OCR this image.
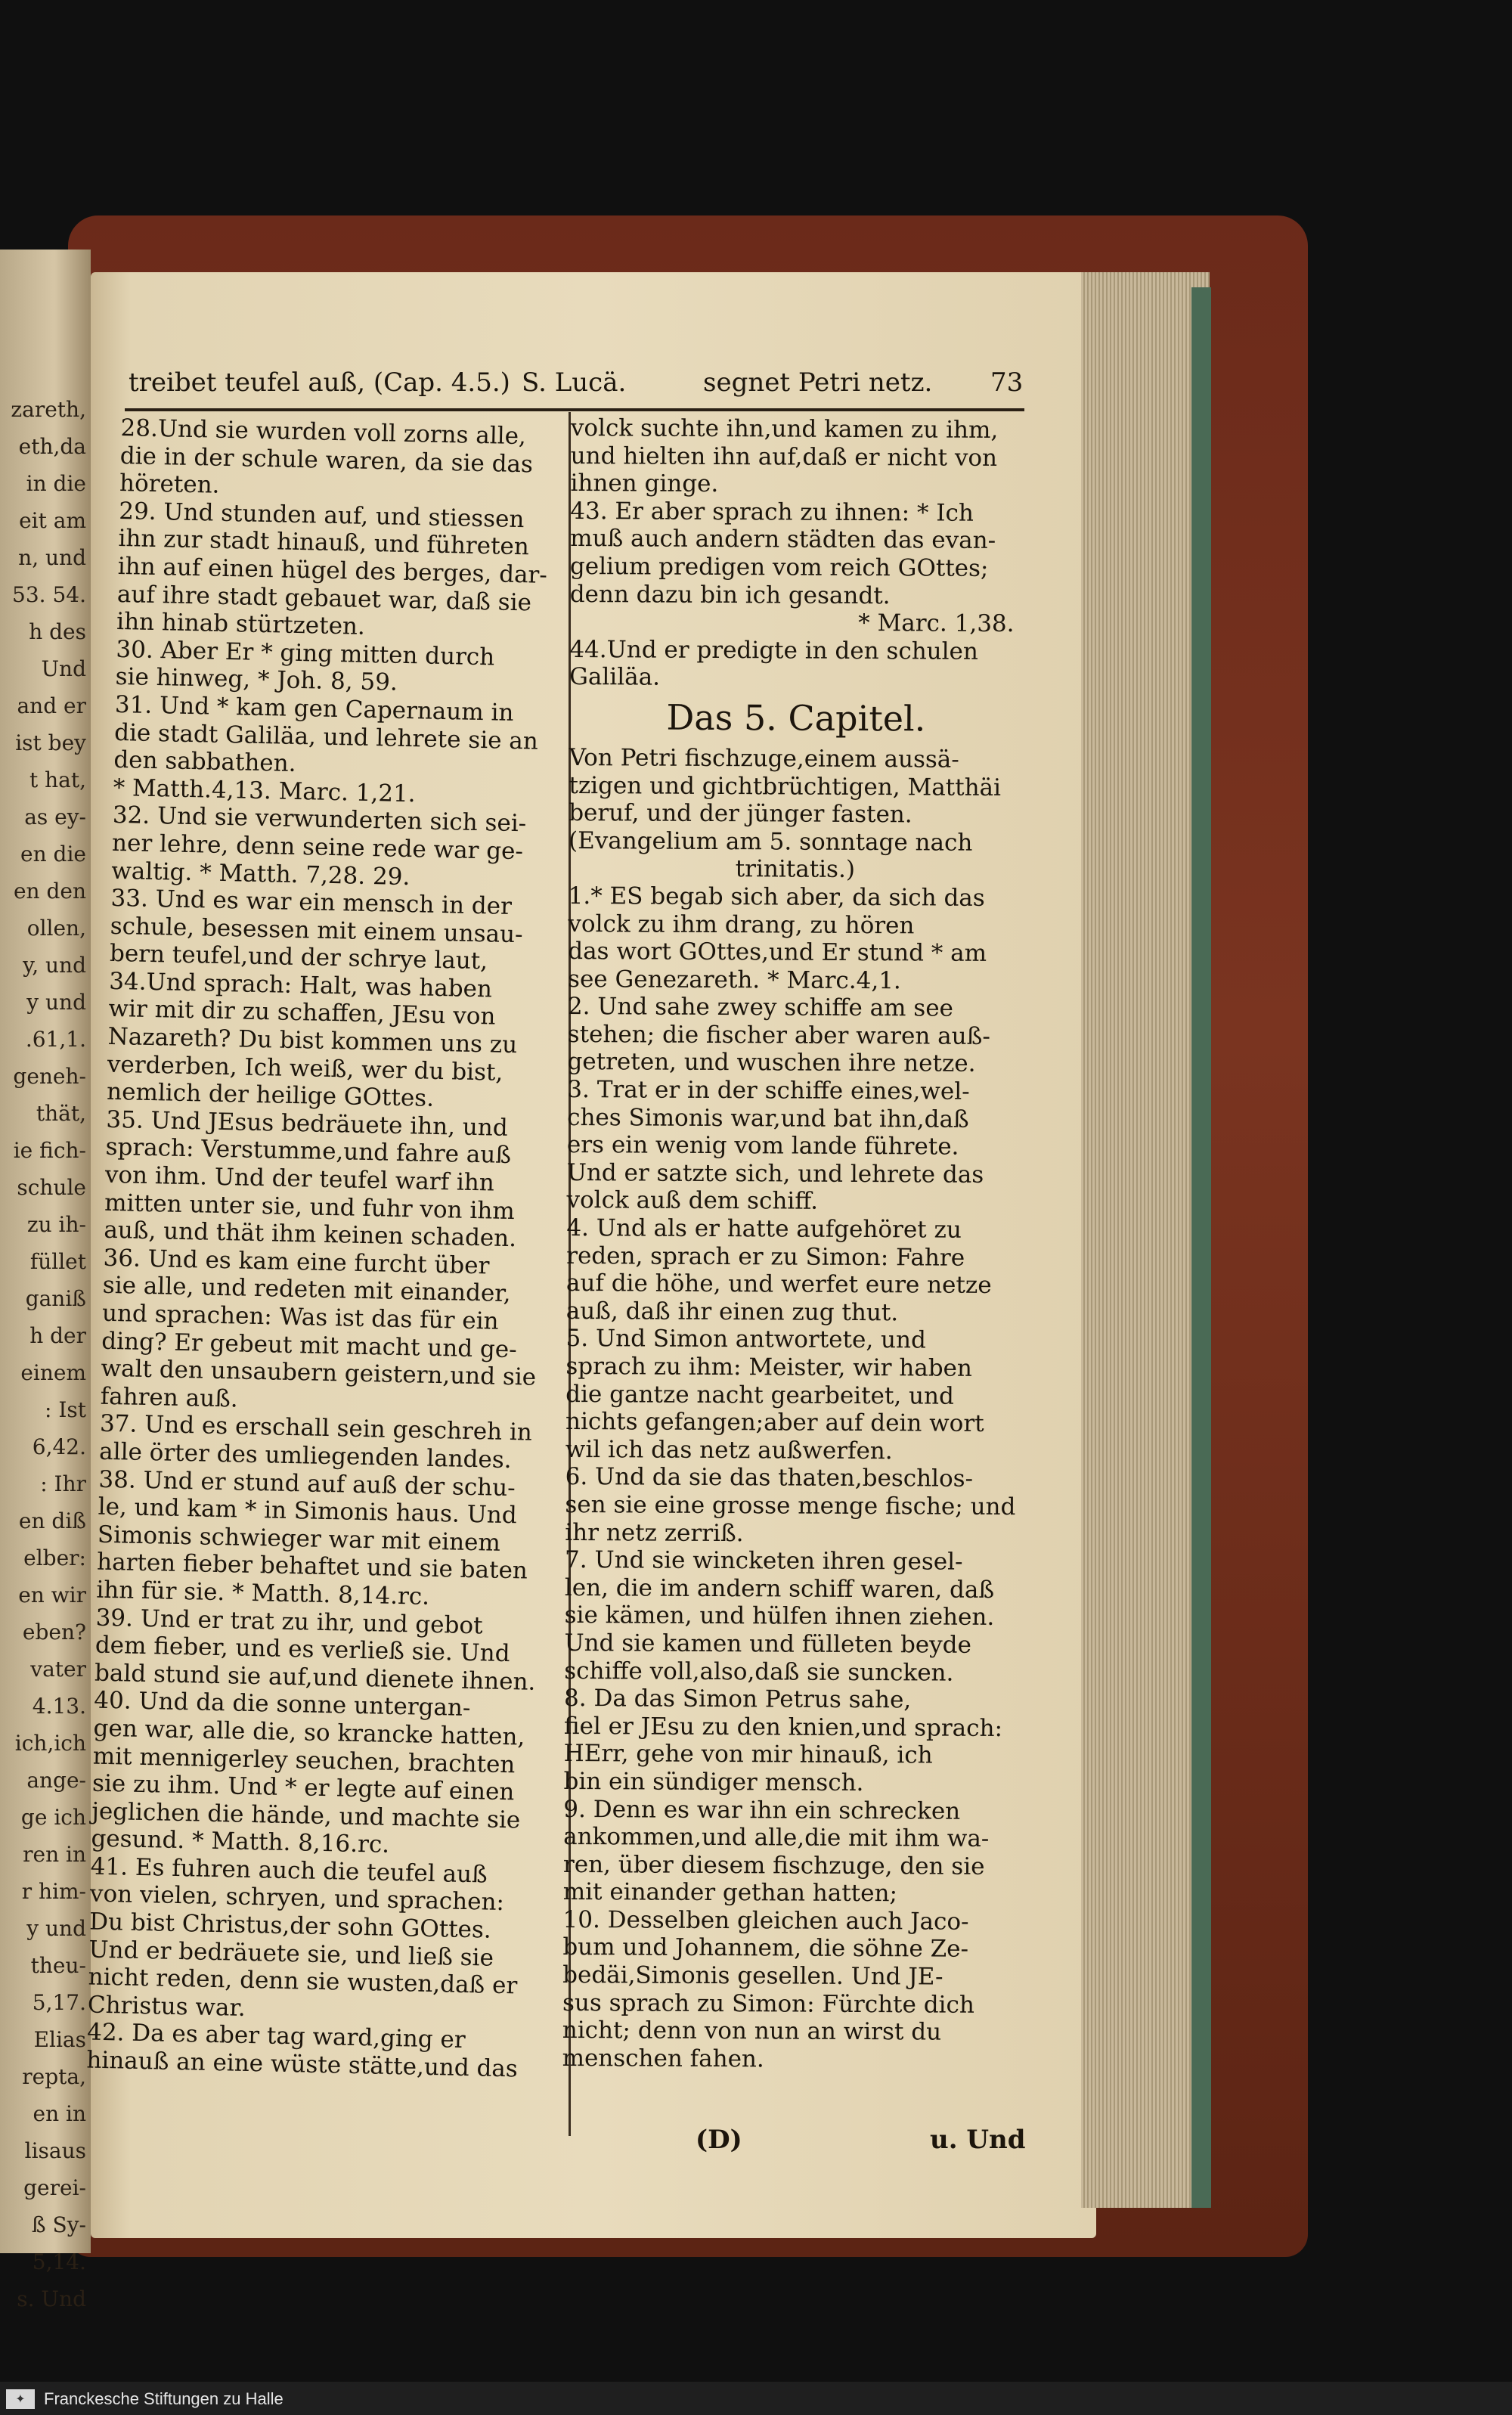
zareth,
eth,da
in die
eit am
n, und
53. 54.
h des
Und
and er
ist bey
t hat,
as ey-
en die
en den
ollen,
y, und
y und
.61,1.
geneh-
thät,
ie fich-
schule
zu ih-
füllet
ganiß
h der
einem
: Ist
6,42.
: Ihr
en diß
elber:
en wir
eben?
vater
4.13.
ich,ich
ange-
ge ich
ren in
r him-
y und
theu-
5,17.
Elias
repta,
en in
lisaus
gerei-
ß Sy-
5,14.
s. Und
treibet teufel auß, (Cap. 4.5.) S. Lucä.	segnet Petri netz. 73

28.Und sie wurden voll zorns alle,

die in der schule waren, da sie das

höreten.

29. Und stunden auf, und stiessen

ihn zur stadt hinauß, und führeten

ihn auf einen hügel des berges, dar-

auf ihre stadt gebauet war, daß sie

ihn hinab stürtzeten.

30. Aber Er * ging mitten durch

sie hinweg, * Joh. 8, 59.

31. Und * kam gen Capernaum in

die stadt Galiläa, und lehrete sie an

den sabbathen.

* Matth.4,13. Marc. 1,21.

32. Und sie verwunderten sich sei-

ner lehre, denn seine rede war ge-

waltig. * Matth. 7,28. 29.

33. Und es war ein mensch in der

schule, besessen mit einem unsau-

bern teufel,und der schrye laut,

34.Und sprach: Halt, was haben

wir mit dir zu schaffen, JEsu von

Nazareth? Du bist kommen uns zu

verderben, Ich weiß, wer du bist,

nemlich der heilige GOttes.

35. Und JEsus bedräuete ihn, und

sprach: Verstumme,und fahre auß

von ihm. Und der teufel warf ihn

mitten unter sie, und fuhr von ihm

auß, und thät ihm keinen schaden.

36. Und es kam eine furcht über

sie alle, und redeten mit einander,

und sprachen: Was ist das für ein

ding? Er gebeut mit macht und ge-

walt den unsaubern geistern,und sie

fahren auß.

37. Und es erschall sein geschreh in

alle örter des umliegenden landes.

38. Und er stund auf auß der schu-

le, und kam * in Simonis haus. Und

Simonis schwieger war mit einem

harten fieber behaftet und sie baten

ihn für sie. * Matth. 8,14.rc.

39. Und er trat zu ihr, und gebot

dem fieber, und es verließ sie. Und

bald stund sie auf,und dienete ihnen.

40. Und da die sonne untergan-

gen war, alle die, so krancke hatten,

mit mennigerley seuchen, brachten

sie zu ihm. Und * er legte auf einen

jeglichen die hände, und machte sie

gesund. * Matth. 8,16.rc.

41. Es fuhren auch die teufel auß

von vielen, schryen, und sprachen:

Du bist Christus,der sohn GOttes.

Und er bedräuete sie, und ließ sie

nicht reden, denn sie wusten,daß er

Christus war.

42. Da es aber tag ward,ging er

hinauß an eine wüste stätte,und das

volck suchte ihn,und kamen zu ihm,

und hielten ihn auf,daß er nicht von

ihnen ginge.

43. Er aber sprach zu ihnen: * Ich

muß auch andern städten das evan-

gelium predigen vom reich GOttes;

denn dazu bin ich gesandt.

* Marc. 1,38.

44.Und er predigte in den schulen

Galiläa.

Das 5. Capitel.

Von Petri fischzuge,einem aussä-

tzigen und gichtbrüchtigen, Matthäi

beruf, und der jünger fasten.

(Evangelium am 5. sonntage nach

trinitatis.)

1.* ES begab sich aber, da sich das

volck zu ihm drang, zu hören

das wort GOttes,und Er stund * am

see Genezareth. * Marc.4,1.

2. Und sahe zwey schiffe am see

stehen; die fischer aber waren auß-

getreten, und wuschen ihre netze.

3. Trat er in der schiffe eines,wel-

ches Simonis war,und bat ihn,daß

ers ein wenig vom lande führete.

Und er satzte sich, und lehrete das

volck auß dem schiff.

4. Und als er hatte aufgehöret zu

reden, sprach er zu Simon: Fahre

auf die höhe, und werfet eure netze

auß, daß ihr einen zug thut.

5. Und Simon antwortete, und

sprach zu ihm: Meister, wir haben

die gantze nacht gearbeitet, und

nichts gefangen;aber auf dein wort

wil ich das netz außwerfen.

6. Und da sie das thaten,beschlos-

sen sie eine grosse menge fische; und

ihr netz zerriß.

7. Und sie wincketen ihren gesel-

len, die im andern schiff waren, daß

sie kämen, und hülfen ihnen ziehen.

Und sie kamen und fülleten beyde

schiffe voll,also,daß sie suncken.

8. Da das Simon Petrus sahe,

fiel er JEsu zu den knien,und sprach:

HErr, gehe von mir hinauß, ich

bin ein sündiger mensch.

9. Denn es war ihn ein schrecken

ankommen,und alle,die mit ihm wa-

ren, über diesem fischzuge, den sie

mit einander gethan hatten;

10. Desselben gleichen auch Jaco-

bum und Johannem, die söhne Ze-

bedäi,Simonis gesellen. Und JE-

sus sprach zu Simon: Fürchte dich

nicht; denn von nun an wirst du

menschen fahen.

(D)	u. Und
✦	Franckesche Stiftungen zu Halle
